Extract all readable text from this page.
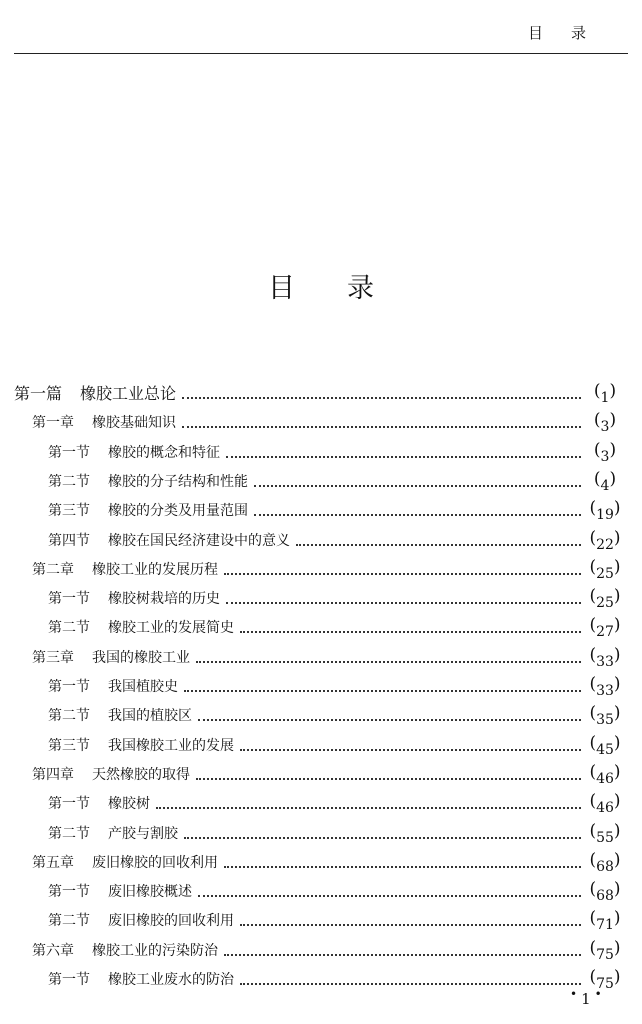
目 录
目 录
第一篇 橡胶工业总论	(1)
第一章 橡胶基础知识	(3)
第一节 橡胶的概念和特征	(3)
第二节 橡胶的分子结构和性能	(4)
第三节 橡胶的分类及用量范围	(19)
第四节 橡胶在国民经济建设中的意义	(22)
第二章 橡胶工业的发展历程	(25)
第一节 橡胶树栽培的历史	(25)
第二节 橡胶工业的发展简史	(27)
第三章 我国的橡胶工业	(33)
第一节 我国植胶史	(33)
第二节 我国的植胶区	(35)
第三节 我国橡胶工业的发展	(45)
第四章 天然橡胶的取得	(46)
第一节 橡胶树	(46)
第二节 产胶与割胶	(55)
第五章 废旧橡胶的回收利用	(68)
第一节 废旧橡胶概述	(68)
第二节 废旧橡胶的回收利用	(71)
第六章 橡胶工业的污染防治	(75)
第一节 橡胶工业废水的防治	(75)
• 1 •
